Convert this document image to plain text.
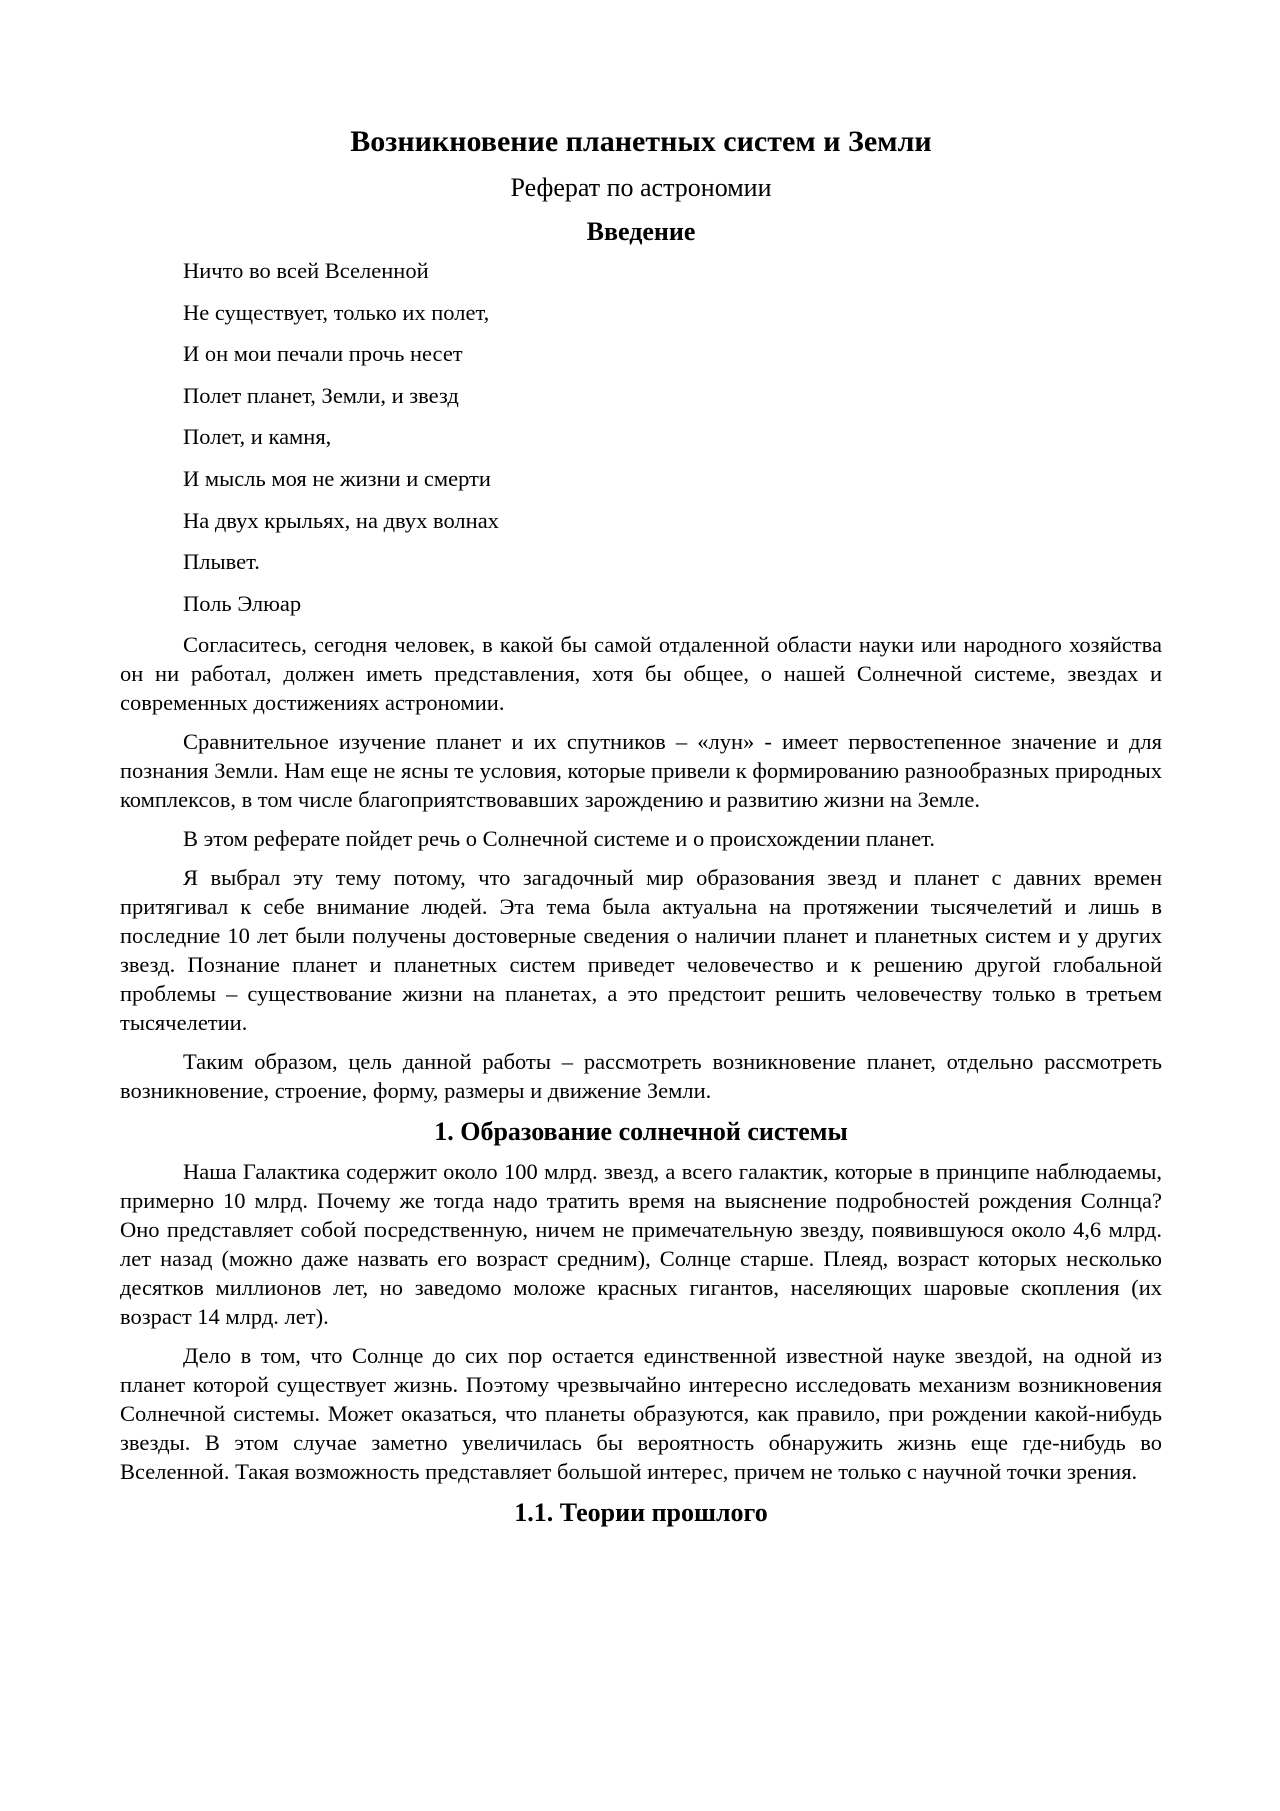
Возникновение планетных систем и Земли
Реферат по астрономии
Введение

Ничто во всей Вселенной

Не существует, только их полет,

И он мои печали прочь несет

Полет планет, Земли, и звезд

Полет, и камня,

И мысль моя не жизни и смерти

На двух крыльях, на двух волнах

Плывет.

Поль Элюар

Согласитесь, сегодня человек, в какой бы самой отдаленной области науки или народного хозяйства он ни работал, должен иметь представления, хотя бы общее, о нашей Солнечной системе, звездах и современных достижениях астрономии.

Сравнительное изучение планет и их спутников – «лун» - имеет первостепенное значение и для познания Земли. Нам еще не ясны те условия, которые привели к формированию разнообразных природных комплексов, в том числе благоприятствовавших зарождению и развитию жизни на Земле.

В этом реферате пойдет речь о Солнечной системе и о происхождении планет.

Я выбрал эту тему потому, что загадочный мир образования звезд и планет с давних времен притягивал к себе внимание людей. Эта тема была актуальна на протяжении тысячелетий и лишь в последние 10 лет были получены достоверные сведения о наличии планет и планетных систем и у других звезд. Познание планет и планетных систем приведет человечество и к решению другой глобальной проблемы – существование жизни на планетах, а это предстоит решить человечеству только в третьем тысячелетии.

Таким образом, цель данной работы – рассмотреть возникновение планет, отдельно рассмотреть возникновение, строение, форму, размеры и движение Земли.

1. Образование солнечной системы

Наша Галактика содержит около 100 млрд. звезд, а всего галактик, которые в принципе наблюдаемы, примерно 10 млрд. Почему же тогда надо тратить время на выяснение подробностей рождения Солнца? Оно представляет собой посредственную, ничем не примечательную звезду, появившуюся около 4,6 млрд. лет назад (можно даже назвать его возраст средним), Солнце старше. Плеяд, возраст которых несколько десятков миллионов лет, но заведомо моложе красных гигантов, населяющих шаровые скопления (их возраст 14 млрд. лет).

Дело в том, что Солнце до сих пор остается единственной известной науке звездой, на одной из планет которой существует жизнь. Поэтому чрезвычайно интересно исследовать механизм возникновения Солнечной системы. Может оказаться, что планеты образуются, как правило, при рождении какой-нибудь звезды. В этом случае заметно увеличилась бы вероятность обнаружить жизнь еще где-нибудь во Вселенной. Такая возможность представляет большой интерес, причем не только с научной точки зрения.

1.1. Теории прошлого
